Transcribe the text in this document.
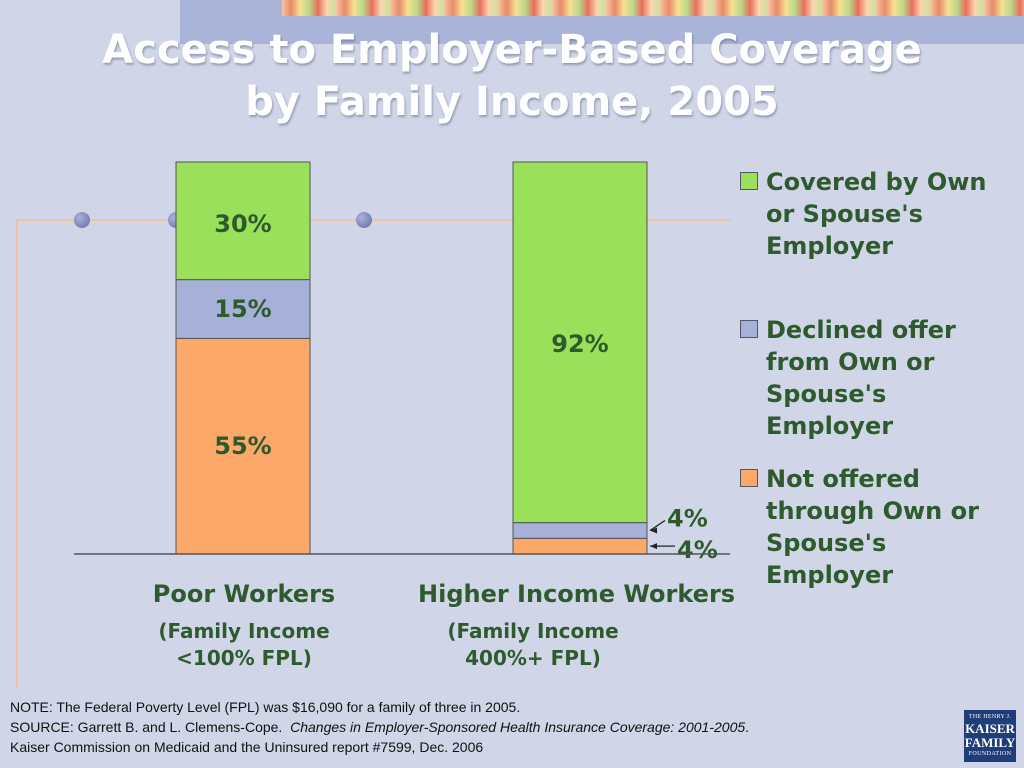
Access to Employer-Based Coverage
by Family Income, 2005
55%
15%
30%
4%
4%
92%
Covered by Own
or Spouse's
Employer
Declined offer
from Own or
Spouse's
Employer
Not offered
through Own or
Spouse's
Employer
Poor Workers
(Family Income
<100% FPL)
Higher Income Workers
(Family Income
400%+ FPL)
NOTE: The Federal Poverty Level (FPL) was $16,090 for a family of three in 2005.
SOURCE: Garrett B. and L. Clemens-Cope. Changes in Employer-Sponsored Health Insurance Coverage: 2001-2005.
Kaiser Commission on Medicaid and the Uninsured report #7599, Dec. 2006
THE HENRY J.
KAISER
FAMILY
FOUNDATION
